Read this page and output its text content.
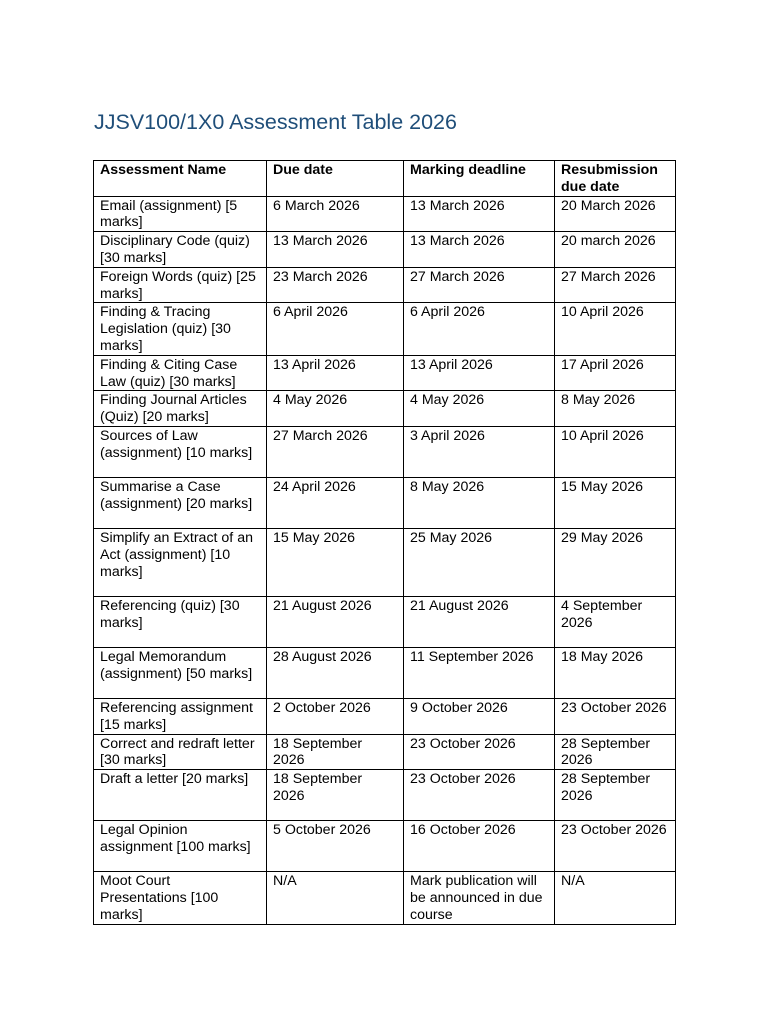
JJSV100/1X0 Assessment Table 2026
Assessment Name	Due date	Marking deadline	Resubmission due date
Email (assignment) [5 marks]	6 March 2026	13 March 2026	20 March 2026
Disciplinary Code (quiz) [30 marks]	13 March 2026	13 March 2026	20 march 2026
Foreign Words (quiz) [25 marks]	23 March 2026	27 March 2026	27 March 2026
Finding & Tracing Legislation (quiz) [30 marks]	6 April 2026	6 April 2026	10 April 2026
Finding & Citing Case Law (quiz) [30 marks]	13 April 2026	13 April 2026	17 April 2026
Finding Journal Articles (Quiz) [20 marks]	4 May 2026	4 May 2026	8 May 2026
Sources of Law (assignment) [10 marks]	27 March 2026	3 April 2026	10 April 2026
Summarise a Case (assignment) [20 marks]	24 April 2026	8 May 2026	15 May 2026
Simplify an Extract of an Act (assignment) [10 marks]	15 May 2026	25 May 2026	29 May 2026
Referencing (quiz) [30 marks]	21 August 2026	21 August 2026	4 September 2026
Legal Memorandum (assignment) [50 marks]	28 August 2026	11 September 2026	18 May 2026
Referencing assignment [15 marks]	2 October 2026	9 October 2026	23 October 2026
Correct and redraft letter [30 marks]	18 September 2026	23 October 2026	28 September 2026
Draft a letter [20 marks]	18 September 2026	23 October 2026	28 September 2026
Legal Opinion assignment [100 marks]	5 October 2026	16 October 2026	23 October 2026
Moot Court Presentations [100 marks]	N/A	Mark publication will be announced in due course	N/A
